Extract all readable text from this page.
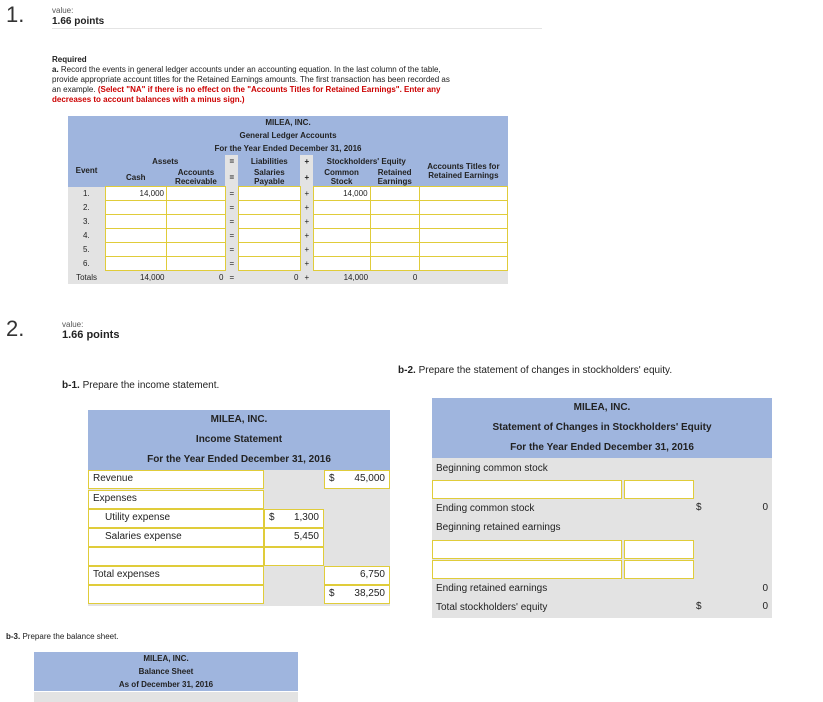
1.	value:
1.66 points
Required
a. Record the events in general ledger accounts under an accounting equation. In the last column of the table, provide appropriate account titles for the Retained Earnings amounts. The first transaction has been recorded as an example. (Select "NA" if there is no effect on the "Accounts Titles for Retained Earnings". Enter any decreases to account balances with a minus sign.)
MILEA, INC.
General Ledger Accounts
For the Year Ended December 31, 2016
Event	Assets		=	Liabilities	+	Stockholders' Equity		Accounts Titles for Retained Earnings
	Cash	Accounts Receivable	=	Salaries Payable	+	Common Stock	Retained Earnings	
1.	14,000		=		+	14,000		
2.			=		+			
3.			=		+			
4.			=		+			
5.			=		+			
6.			=		+			
Totals	14,000	0	=	0	+	14,000	0	
2.	value:
1.66 points
b-1. Prepare the income statement.
b-2. Prepare the statement of changes in stockholders' equity.
MILEA, INC.
Income Statement
For the Year Ended December 31, 2016
Revenue	$ 45,000
Expenses
Utility expense	$ 1,300
Salaries expense	5,450
Total expenses	6,750
$ 38,250
MILEA, INC.
Statement of Changes in Stockholders' Equity
For the Year Ended December 31, 2016
Beginning common stock
Ending common stock	$	0
Beginning retained earnings
Ending retained earnings	0
Total stockholders' equity	$	0
b-3. Prepare the balance sheet.
MILEA, INC.
Balance Sheet
As of December 31, 2016
